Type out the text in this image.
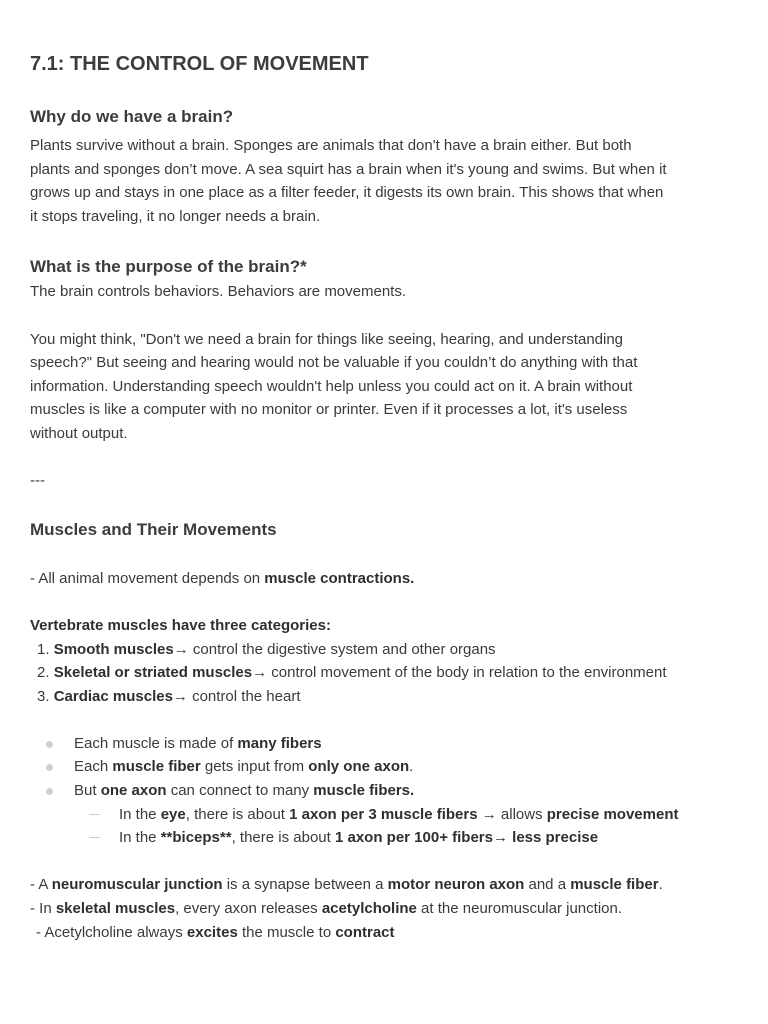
7.1: THE CONTROL OF MOVEMENT
Why do we have a brain?

Plants survive without a brain. Sponges are animals that don't have a brain either. But both

plants and sponges don’t move. A sea squirt has a brain when it's young and swims. But when it

grows up and stays in one place as a filter feeder, it digests its own brain. This shows that when

it stops traveling, it no longer needs a brain.

What is the purpose of the brain?*

The brain controls behaviors. Behaviors are movements.

You might think, "Don't we need a brain for things like seeing, hearing, and understanding

speech?" But seeing and hearing would not be valuable if you couldn’t do anything with that

information. Understanding speech wouldn't help unless you could act on it. A brain without

muscles is like a computer with no monitor or printer. Even if it processes a lot, it's useless

without output.

---

Muscles and Their Movements

- All animal movement depends on muscle contractions.

Vertebrate muscles have three categories:

1. Smooth muscles→ control the digestive system and other organs
2. Skeletal or striated muscles→ control movement of the body in relation to the environment
3. Cardiac muscles→ control the heart
Each muscle is made of many fibers
Each muscle fiber gets input from only one axon.
But one axon can connect to many muscle fibers.
In the eye, there is about 1 axon per 3 muscle fibers → allows precise movement
In the **biceps**, there is about 1 axon per 100+ fibers→ less precise

- A neuromuscular junction is a synapse between a motor neuron axon and a muscle fiber.

- In skeletal muscles, every axon releases acetylcholine at the neuromuscular junction.

- Acetylcholine always excites the muscle to contract
